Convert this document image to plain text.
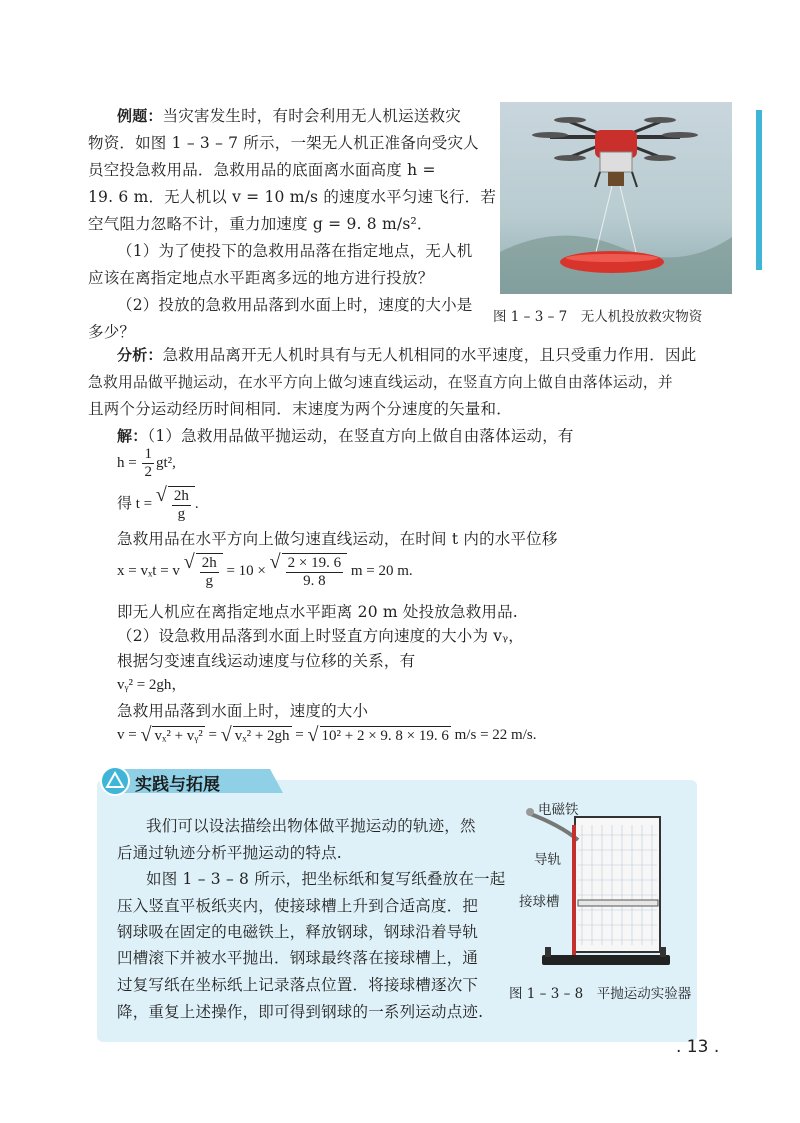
例题：当灾害发生时，有时会利用无人机运送救灾
物资．如图 1 – 3 – 7 所示，一架无人机正准备向受灾人
员空投急救用品．急救用品的底面离水面高度 h =
19. 6 m．无人机以 v = 10 m/s 的速度水平匀速飞行．若
空气阻力忽略不计，重力加速度 g = 9. 8 m/s²．
（1）为了使投下的急救用品落在指定地点，无人机
应该在离指定地点水平距离多远的地方进行投放？
（2）投放的急救用品落到水面上时，速度的大小是
多少？
图 1 – 3 – 7　无人机投放救灾物资
分析：急救用品离开无人机时具有与无人机相同的水平速度，且只受重力作用．因此
急救用品做平抛运动，在水平方向上做匀速直线运动，在竖直方向上做自由落体运动，并
且两个分运动经历时间相同．末速度为两个分速度的矢量和．
解：（1）急救用品做平抛运动，在竖直方向上做自由落体运动，有
$h = \frac{1}{2} gt^2$,
得 t = √ $\frac{2h}{g}$ .
急救用品在水平方向上做匀速直线运动，在时间 t 内的水平位移
x = vₓt = v √ $\frac{2h}{g} = 10$ × √ $\frac{2 \times 19. 6}{9. 8}$ m = 20 m.
即无人机应在离指定地点水平距离 20 m 处投放急救用品.
（2）设急救用品落到水面上时竖直方向速度的大小为 vᵧ，
根据匀变速直线运动速度与位移的关系，有
vᵧ² = 2gh，
急救用品落到水面上时，速度的大小
v = √ vₓ² + vᵧ² = √ vₓ² + 2gh = √ 10² + 2 × 9. 8 × 19. 6 m/s = 22 m/s.
实践与拓展
我们可以设法描绘出物体做平抛运动的轨迹，然
后通过轨迹分析平抛运动的特点.
如图 1 – 3 – 8 所示，把坐标纸和复写纸叠放在一起
压入竖直平板纸夹内，使接球槽上升到合适高度．把
钢球吸在固定的电磁铁上，释放钢球，钢球沿着导轨
凹槽滚下并被水平抛出．钢球最终落在接球槽上，通
过复写纸在坐标纸上记录落点位置．将接球槽逐次下
降，重复上述操作，即可得到钢球的一系列运动点迹.
电磁铁
导轨
接球槽
图 1 – 3 – 8　平抛运动实验器
. 13 .
